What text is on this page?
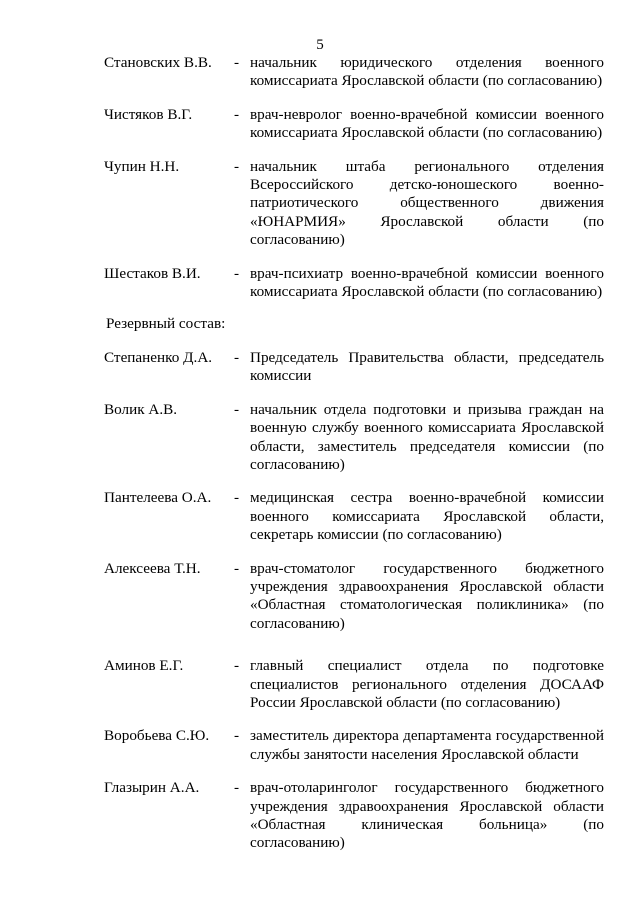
5
Становских В.В.	- начальник юридического отделения военного комиссариата Ярославской области (по согласованию)
Чистяков В.Г.	- врач-невролог военно-врачебной комиссии военного комиссариата Ярославской области (по согласованию)
Чупин Н.Н.	- начальник штаба регионального отделения Всероссийского детско-юношеского военно-патриотического общественного движения «ЮНАРМИЯ» Ярославской области (по согласованию)
Шестаков В.И.	- врач-психиатр военно-врачебной комиссии военного комиссариата Ярославской области (по согласованию)
Резервный состав:
Степаненко Д.А.	- Председатель Правительства области, председатель комиссии
Волик А.В.	- начальник отдела подготовки и призыва граждан на военную службу военного комиссариата Ярославской области, заместитель председателя комиссии (по согласованию)
Пантелеева О.А.	- медицинская сестра военно-врачебной комиссии военного комиссариата Ярославской области, секретарь комиссии (по согласованию)
Алексеева Т.Н.	- врач-стоматолог государственного бюджетного учреждения здравоохранения Ярославской области «Областная стоматологическая поликлиника» (по согласованию)
Аминов Е.Г.	- главный специалист отдела по подготовке специалистов регионального отделения ДОСААФ России Ярославской области (по согласованию)
Воробьева С.Ю.	- заместитель директора департамента государственной службы занятости населения Ярославской области
Глазырин А.А.	- врач-отоларинголог государственного бюджетного учреждения здравоохранения Ярославской области «Областная клиническая больница» (по согласованию)
